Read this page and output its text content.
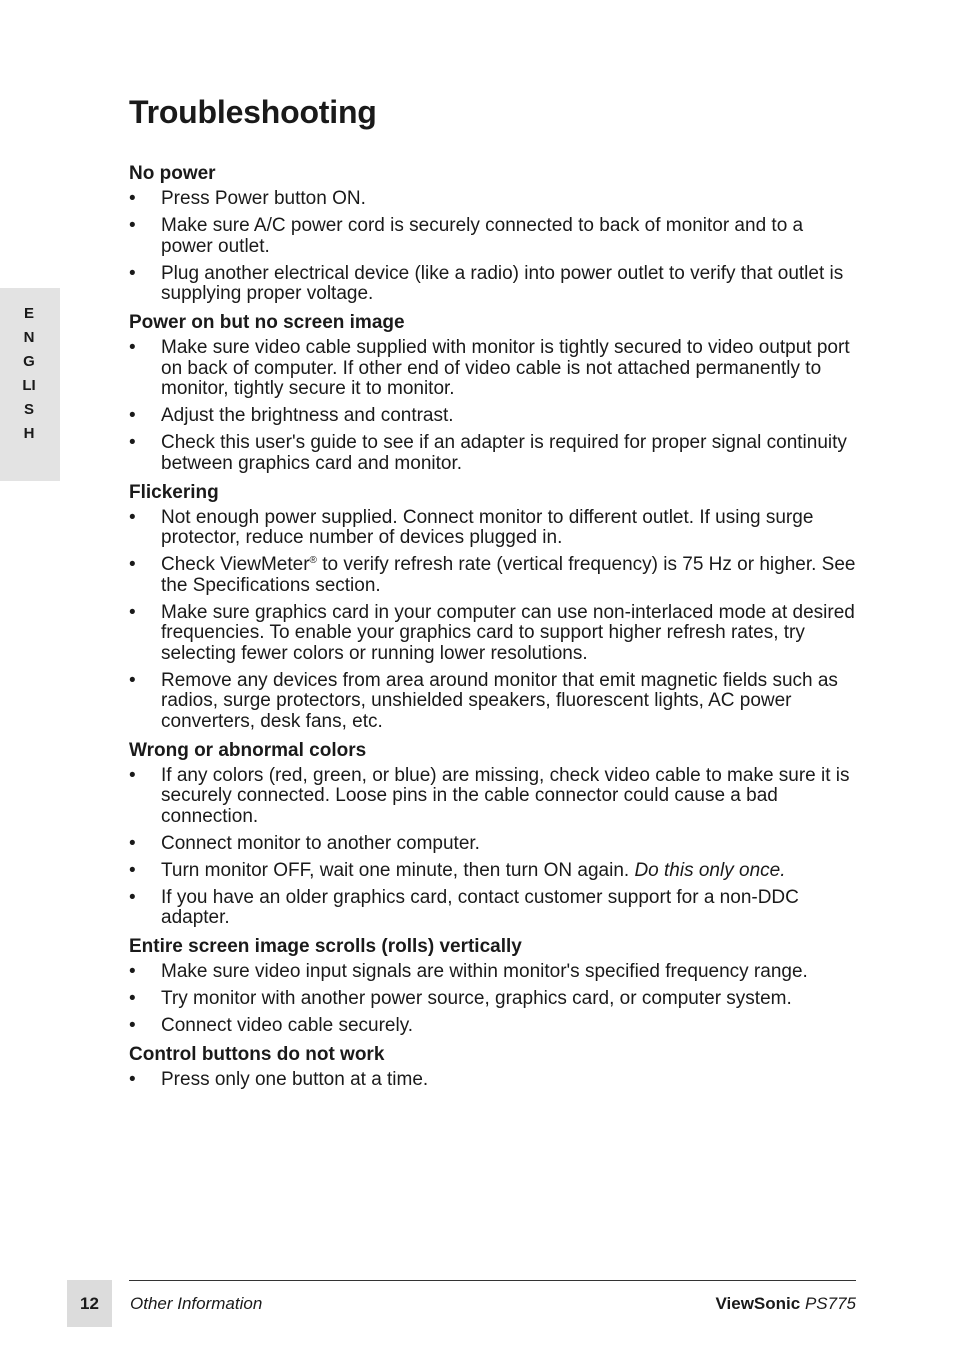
ENGLISH
Troubleshooting

No power

• Press Power button ON.
• Make sure A/C power cord is securely connected to back of monitor and to a power outlet.
• Plug another electrical device (like a radio) into power outlet to verify that outlet is supplying proper voltage.

Power on but no screen image

• Make sure video cable supplied with monitor is tightly secured to video output port on back of computer. If other end of video cable is not attached permanently to monitor, tightly secure it to monitor.
• Adjust the brightness and contrast.
• Check this user's guide to see if an adapter is required for proper signal continuity between graphics card and monitor.

Flickering

• Not enough power supplied. Connect monitor to different outlet. If using surge protector, reduce number of devices plugged in.
• Check ViewMeter® to verify refresh rate (vertical frequency) is 75 Hz or higher. See the Specifications section.
• Make sure graphics card in your computer can use non-interlaced mode at desired frequencies. To enable your graphics card to support higher refresh rates, try selecting fewer colors or running lower resolutions.
• Remove any devices from area around monitor that emit magnetic fields such as radios, surge protectors, unshielded speakers, fluorescent lights, AC power converters, desk fans, etc.

Wrong or abnormal colors

• If any colors (red, green, or blue) are missing, check video cable to make sure it is securely connected. Loose pins in the cable connector could cause a bad connection.
• Connect monitor to another computer.
• Turn monitor OFF, wait one minute, then turn ON again. Do this only once.
• If you have an older graphics card, contact customer support for a non-DDC adapter.

Entire screen image scrolls (rolls) vertically

• Make sure video input signals are within monitor's specified frequency range.
• Try monitor with another power source, graphics card, or computer system.
• Connect video cable securely.

Control buttons do not work

• Press only one button at a time.
12	Other Information	ViewSonic PS775
